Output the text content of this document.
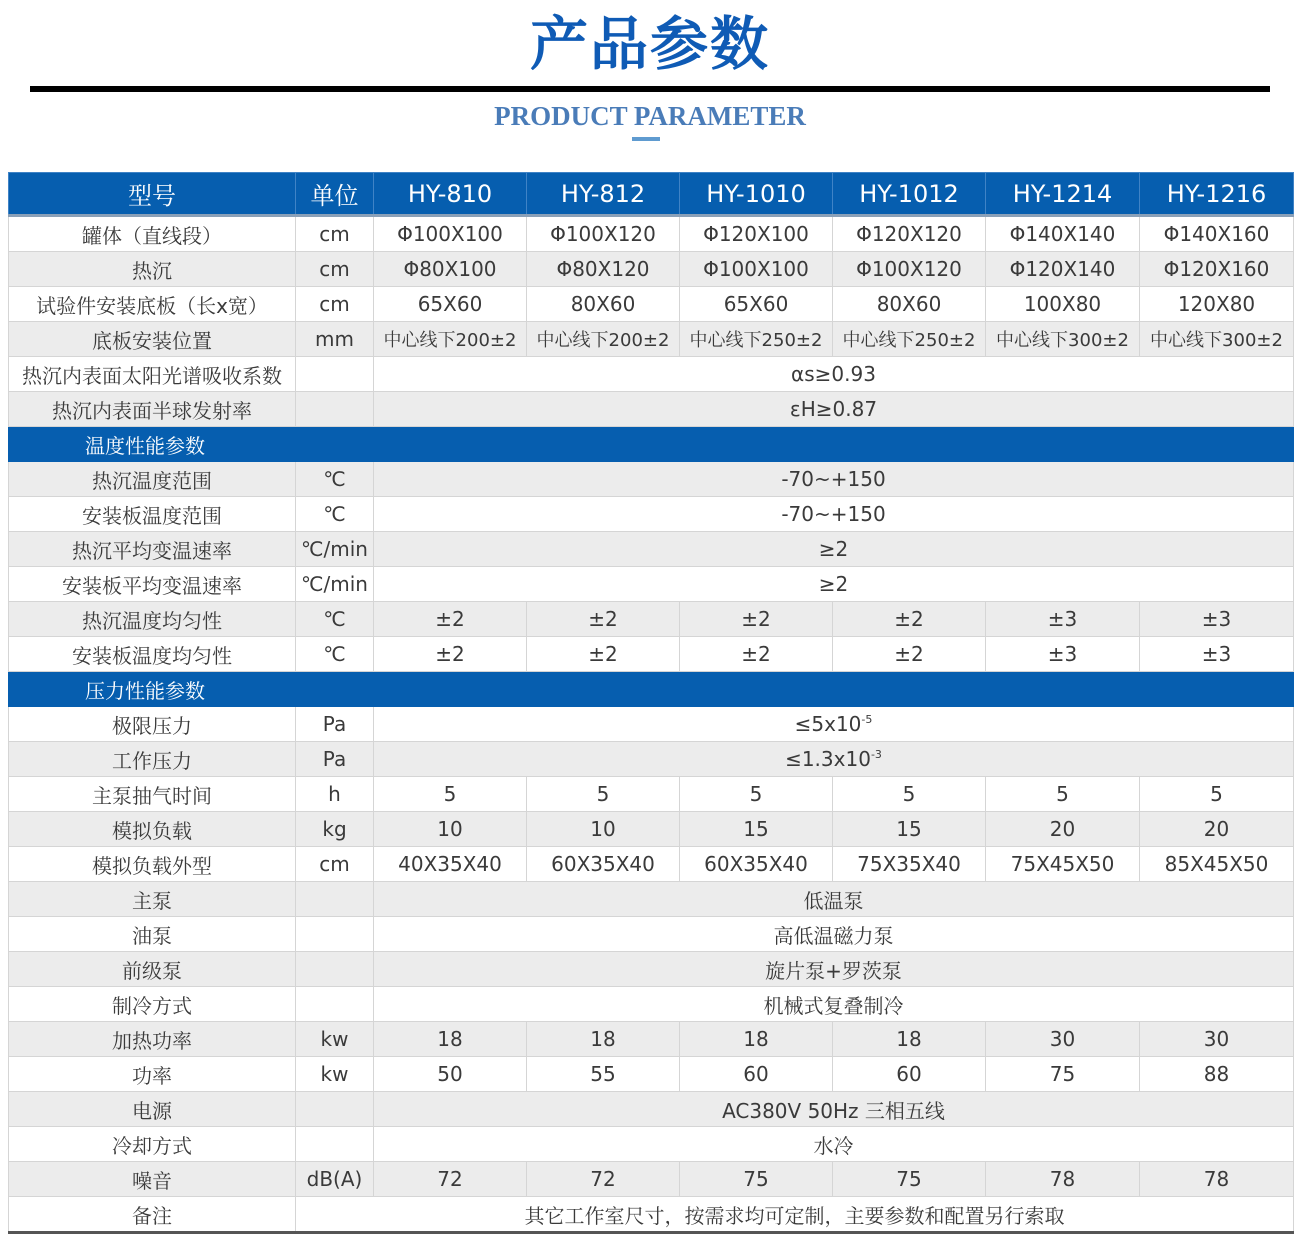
产品参数
PRODUCT PARAMETER
型号	单位	HY-810	HY-812	HY-1010	HY-1012	HY-1214	HY-1216
罐体（直线段）	cm	Φ100X100	Φ100X120	Φ120X100	Φ120X120	Φ140X140	Φ140X160
热沉	cm	Φ80X100	Φ80X120	Φ100X100	Φ100X120	Φ120X140	Φ120X160
试验件安装底板（长x宽）	cm	65X60	80X60	65X60	80X60	100X80	120X80
底板安装位置	mm	中心线下200±2	中心线下200±2	中心线下250±2	中心线下250±2	中心线下300±2	中心线下300±2
热沉内表面太阳光谱吸收系数		αs≥0.93					
热沉内表面半球发射率		εH≥0.87					
温度性能参数							
热沉温度范围	℃	-70~+150					
安装板温度范围	℃	-70~+150					
热沉平均变温速率	℃/min	≥2					
安装板平均变温速率	℃/min	≥2					
热沉温度均匀性	℃	±2	±2	±2	±2	±3	±3
安装板温度均匀性	℃	±2	±2	±2	±2	±3	±3
压力性能参数							
极限压力	Pa	$\le 5x10^{-5}$
工作压力	Pa	$\le 1.3x10^{-3}$
主泵抽气时间	h	5	5	5	5	5	5
模拟负载	kg	10	10	15	15	20	20
模拟负载外型	cm	40X35X40	60X35X40	60X35X40	75X35X40	75X45X50	85X45X50
主泵		低温泵					
油泵		高低温磁力泵					
前级泵		旋片泵+罗茨泵					
制冷方式		机械式复叠制冷					
加热功率	kw	18	18	18	18	30	30
功率	kw	50	55	60	60	75	88
电源		AC380V 50Hz 三相五线					
冷却方式		水冷					
噪音	dB(A)	72	72	75	75	78	78
备注	其它工作室尺寸，按需求均可定制，主要参数和配置另行索取						
